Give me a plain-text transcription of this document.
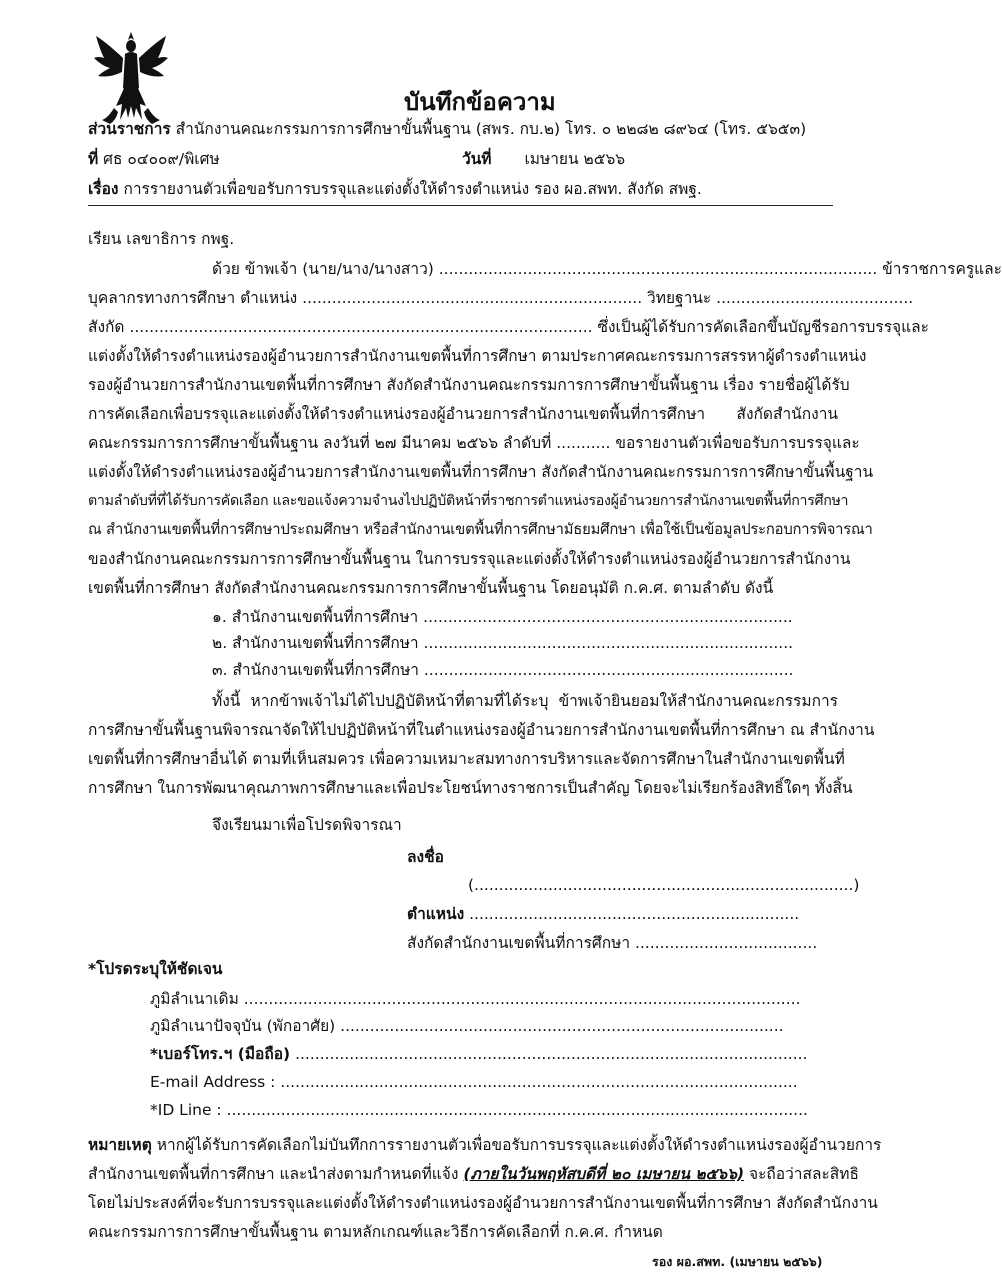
บันทึกข้อความ
ส่วนราชการ สำนักงานคณะกรรมการการศึกษาขั้นพื้นฐาน (สพร. กบ.๒) โทร. ๐ ๒๒๘๒ ๘๙๖๔ (โทร. ๕๖๕๓)
ที่ ศธ ๐๔๐๐๙/พิเศษ	วันที่ เมษายน ๒๕๖๖
เรื่อง การรายงานตัวเพื่อขอรับการบรรจุและแต่งตั้งให้ดำรงตำแหน่ง รอง ผอ.สพท. สังกัด สพฐ.
เรียน เลขาธิการ กพฐ.
ด้วย ข้าพเจ้า (นาย/นาง/นางสาว) ......................................................................................... ข้าราชการครูและ
บุคลากรทางการศึกษา ตำแหน่ง ..................................................................... วิทยฐานะ ........................................
สังกัด .............................................................................................. ซึ่งเป็นผู้ได้รับการคัดเลือกขึ้นบัญชีรอการบรรจุและ
แต่งตั้งให้ดำรงตำแหน่งรองผู้อำนวยการสำนักงานเขตพื้นที่การศึกษา ตามประกาศคณะกรรมการสรรหาผู้ดำรงตำแหน่ง
รองผู้อำนวยการสำนักงานเขตพื้นที่การศึกษา สังกัดสำนักงานคณะกรรมการการศึกษาขั้นพื้นฐาน เรื่อง รายชื่อผู้ได้รับ
การคัดเลือกเพื่อบรรจุและแต่งตั้งให้ดำรงตำแหน่งรองผู้อำนวยการสำนักงานเขตพื้นที่การศึกษา สังกัดสำนักงาน
คณะกรรมการการศึกษาขั้นพื้นฐาน ลงวันที่ ๒๗ มีนาคม ๒๕๖๖ ลำดับที่ ........... ขอรายงานตัวเพื่อขอรับการบรรจุและ
แต่งตั้งให้ดำรงตำแหน่งรองผู้อำนวยการสำนักงานเขตพื้นที่การศึกษา สังกัดสำนักงานคณะกรรมการการศึกษาขั้นพื้นฐาน
ตามลำดับที่ที่ได้รับการคัดเลือก และขอแจ้งความจำนงไปปฏิบัติหน้าที่ราชการตำแหน่งรองผู้อำนวยการสำนักงานเขตพื้นที่การศึกษา
ณ สำนักงานเขตพื้นที่การศึกษาประถมศึกษา หรือสำนักงานเขตพื้นที่การศึกษามัธยมศึกษา เพื่อใช้เป็นข้อมูลประกอบการพิจารณา
ของสำนักงานคณะกรรมการการศึกษาขั้นพื้นฐาน ในการบรรจุและแต่งตั้งให้ดำรงตำแหน่งรองผู้อำนวยการสำนักงาน
เขตพื้นที่การศึกษา สังกัดสำนักงานคณะกรรมการการศึกษาขั้นพื้นฐาน โดยอนุมัติ ก.ค.ศ. ตามลำดับ ดังนี้
๑. สำนักงานเขตพื้นที่การศึกษา ...........................................................................
๒. สำนักงานเขตพื้นที่การศึกษา ...........................................................................
๓. สำนักงานเขตพื้นที่การศึกษา ...........................................................................
ทั้งนี้ หากข้าพเจ้าไม่ได้ไปปฏิบัติหน้าที่ตามที่ได้ระบุ ข้าพเจ้ายินยอมให้สำนักงานคณะกรรมการ
การศึกษาขั้นพื้นฐานพิจารณาจัดให้ไปปฏิบัติหน้าที่ในตำแหน่งรองผู้อำนวยการสำนักงานเขตพื้นที่การศึกษา ณ สำนักงาน
เขตพื้นที่การศึกษาอื่นได้ ตามที่เห็นสมควร เพื่อความเหมาะสมทางการบริหารและจัดการศึกษาในสำนักงานเขตพื้นที่
การศึกษา ในการพัฒนาคุณภาพการศึกษาและเพื่อประโยชน์ทางราชการเป็นสำคัญ โดยจะไม่เรียกร้องสิทธิ์ใดๆ ทั้งสิ้น
จึงเรียนมาเพื่อโปรดพิจารณา
ลงชื่อ
(.............................................................................)
ตำแหน่ง ...................................................................
สังกัดสำนักงานเขตพื้นที่การศึกษา .....................................
*โปรดระบุให้ชัดเจน
ภูมิลำเนาเดิม .................................................................................................................
ภูมิลำเนาปัจจุบัน (พักอาศัย) ..........................................................................................
*เบอร์โทร.ฯ (มือถือ) ........................................................................................................
E-mail Address : .........................................................................................................
*ID Line : ......................................................................................................................
หมายเหตุ หากผู้ได้รับการคัดเลือกไม่บันทึกการรายงานตัวเพื่อขอรับการบรรจุและแต่งตั้งให้ดำรงตำแหน่งรองผู้อำนวยการ
สำนักงานเขตพื้นที่การศึกษา และนำส่งตามกำหนดที่แจ้ง (ภายในวันพฤหัสบดีที่ ๒๐ เมษายน ๒๕๖๖) จะถือว่าสละสิทธิ
โดยไม่ประสงค์ที่จะรับการบรรจุและแต่งตั้งให้ดำรงตำแหน่งรองผู้อำนวยการสำนักงานเขตพื้นที่การศึกษา สังกัดสำนักงาน
คณะกรรมการการศึกษาขั้นพื้นฐาน ตามหลักเกณฑ์และวิธีการคัดเลือกที่ ก.ค.ศ. กำหนด
รอง ผอ.สพท. (เมษายน ๒๕๖๖)
